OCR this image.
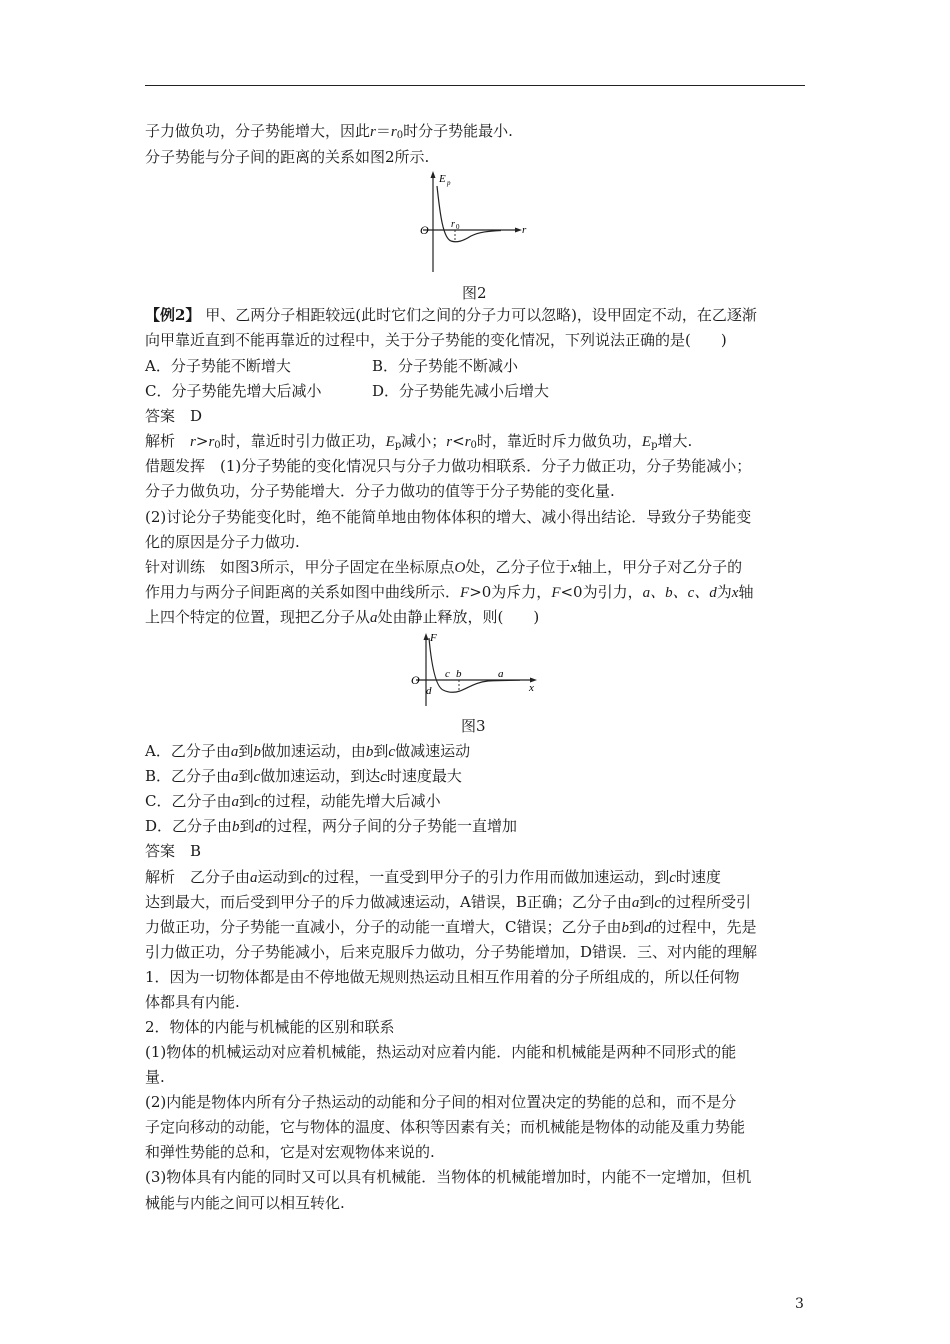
子力做负功，分子势能增大，因此$r=r_0$时分子势能最小.
分子势能与分子间的距离的关系如图2所示.
E p
O r 0	r
图2
【例2】 甲、乙两分子相距较远(此时它们之间的分子力可以忽略)，设甲固定不动，在乙逐渐
向甲靠近直到不能再靠近的过程中，关于分子势能的变化情况，下列说法正确的是(　　)
A．分子势能不断增大	B．分子势能不断减小
C．分子势能先增大后减小	D．分子势能先减小后增大
答案　D
解析　$r>r_0$时，靠近时引力做正功，$E_p$减小；$r<r_0$时，靠近时斥力做负功，$E_p$增大.
借题发挥　(1)分子势能的变化情况只与分子力做功相联系．分子力做正功，分子势能减小；
分子力做负功，分子势能增大．分子力做功的值等于分子势能的变化量.
(2)讨论分子势能变化时，绝不能简单地由物体体积的增大、减小得出结论．导致分子势能变
化的原因是分子力做功.
针对训练　如图3所示，甲分子固定在坐标原点O处，乙分子位于x轴上，甲分子对乙分子的
作用力与两分子间距离的关系如图中曲线所示．F>0为斥力，F<0为引力，a、b、c、d为x轴
上四个特定的位置，现把乙分子从a处由静止释放，则(　　)
F
O c b	a
d	x
图3
A．乙分子由a到b做加速运动，由b到c做减速运动
B．乙分子由a到c做加速运动，到达c时速度最大
C．乙分子由a到c的过程，动能先增大后减小
D．乙分子由b到d的过程，两分子间的分子势能一直增加
答案　B
解析　乙分子由a运动到c的过程，一直受到甲分子的引力作用而做加速运动，到c时速度
达到最大，而后受到甲分子的斥力做减速运动，A错误，B正确；乙分子由a到c的过程所受引
力做正功，分子势能一直减小，分子的动能一直增大，C错误；乙分子由b到d的过程中，先是
引力做正功，分子势能减小，后来克服斥力做功，分子势能增加，D错误．三、对内能的理解
1．因为一切物体都是由不停地做无规则热运动且相互作用着的分子所组成的，所以任何物
体都具有内能.
2．物体的内能与机械能的区别和联系
(1)物体的机械运动对应着机械能，热运动对应着内能．内能和机械能是两种不同形式的能
量.
(2)内能是物体内所有分子热运动的动能和分子间的相对位置决定的势能的总和，而不是分
子定向移动的动能，它与物体的温度、体积等因素有关；而机械能是物体的动能及重力势能
和弹性势能的总和，它是对宏观物体来说的.
(3)物体具有内能的同时又可以具有机械能．当物体的机械能增加时，内能不一定增加，但机
械能与内能之间可以相互转化.
3
